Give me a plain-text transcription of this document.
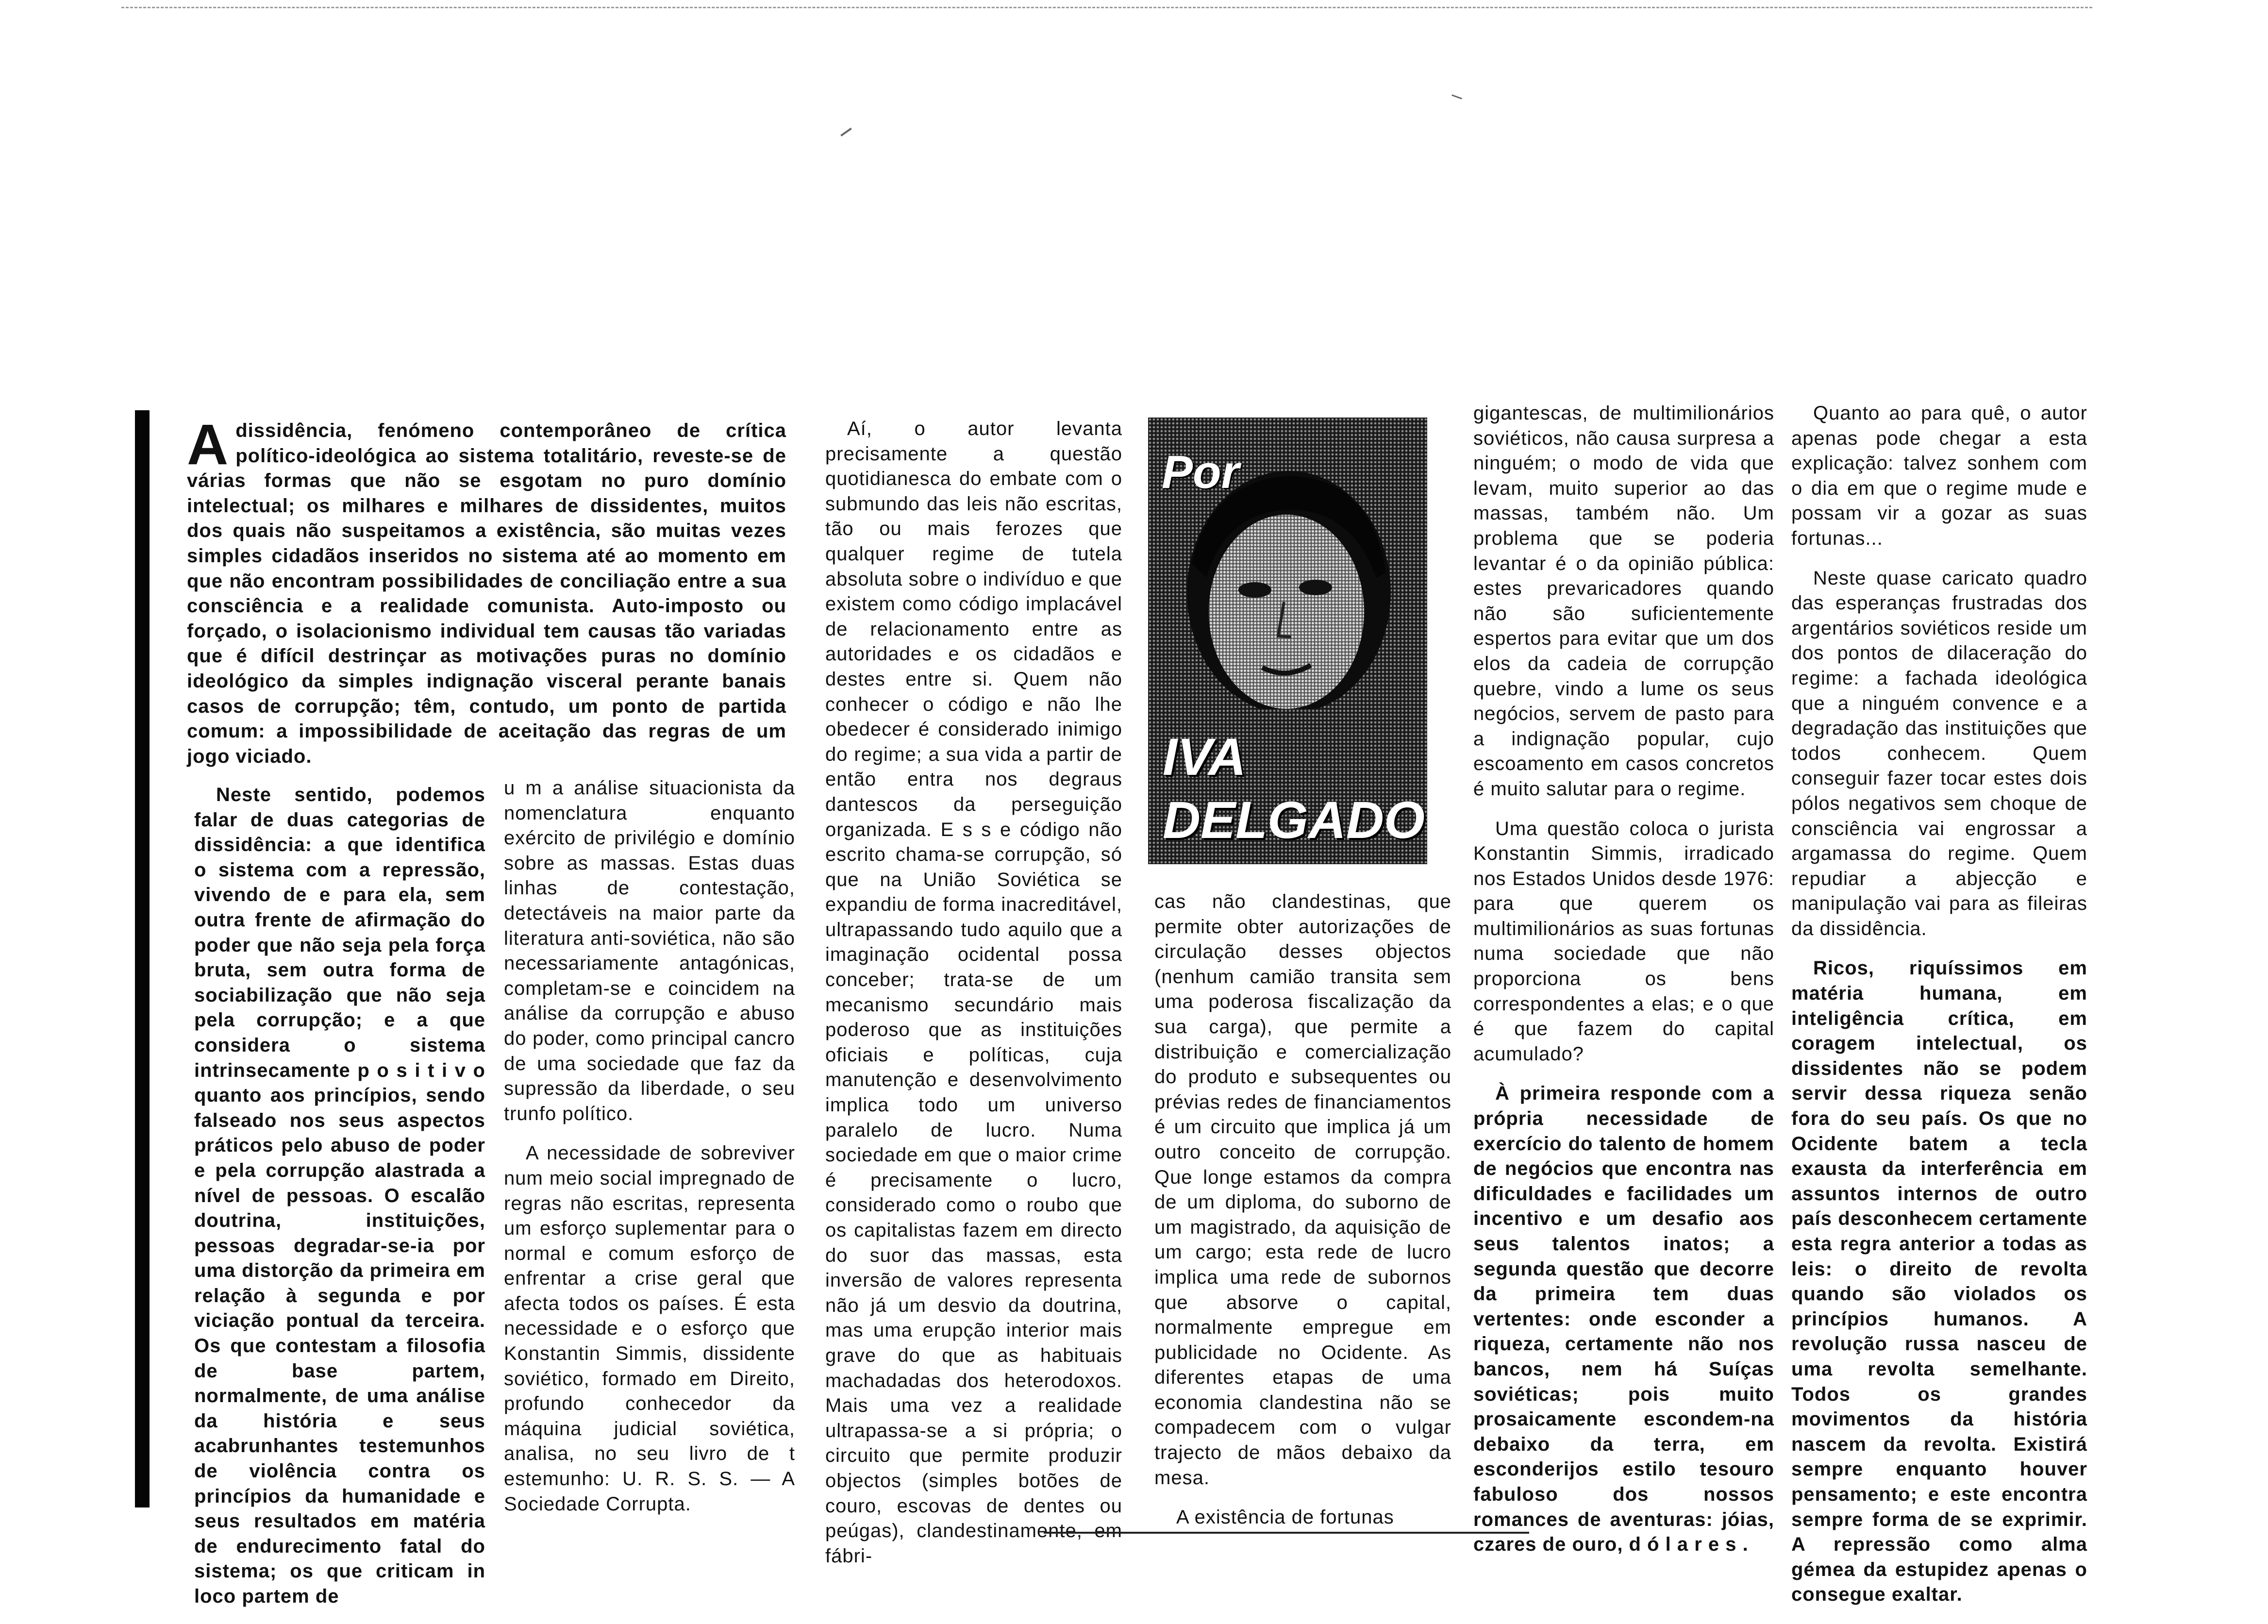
A dissidência, fenómeno contemporâneo de crítica político-ideológica ao sistema totalitário, reveste-se de várias formas que não se esgotam no puro domínio intelectual; os milhares e milhares de dissidentes, muitos dos quais não suspeitamos a existência, são muitas vezes simples cidadãos inseridos no sistema até ao momento em que não encontram possibilidades de conciliação entre a sua consciência e a realidade comunista. Auto-imposto ou forçado, o isolacionismo individual tem causas tão variadas que é difícil destrinçar as motivações puras no domínio ideológico da simples indignação visceral perante banais casos de corrupção; têm, contudo, um ponto de partida comum: a impossibilidade de aceitação das regras de um jogo viciado.

Neste sentido, podemos falar de duas categorias de dissidência: a que identifica o sistema com a repressão, vivendo de e para ela, sem outra frente de afirmação do poder que não seja pela força bruta, sem outra forma de sociabilização que não seja pela corrupção; e a que considera o sistema intrinsecamente p o s i t i v o quanto aos princípios, sendo falseado nos seus aspectos práticos pelo abuso de poder e pela corrupção alastrada a nível de pessoas. O escalão doutrina, instituições, pessoas degradar-se-ia por uma distorção da primeira em relação à segunda e por viciação pontual da terceira. Os que contestam a filosofia de base partem, normalmente, de uma análise da história e seus acabrunhantes testemunhos de violência contra os princípios da humanidade e seus resultados em matéria de endurecimento fatal do sistema; os que criticam in loco partem de

u m a análise situacionista da nomenclatura enquanto exército de privilégio e domínio sobre as massas. Estas duas linhas de contestação, detectáveis na maior parte da literatura anti-soviética, não são necessariamente antagónicas, completam-se e coincidem na análise da corrupção e abuso do poder, como principal cancro de uma sociedade que faz da supressão da liberdade, o seu trunfo político.

A necessidade de sobreviver num meio social impregnado de regras não escritas, representa um esforço suplementar para o normal e comum esforço de enfrentar a crise geral que afecta todos os países. É esta necessidade e o esforço que Konstantin Simmis, dissidente soviético, formado em Direito, profundo conhecedor da máquina judicial soviética, analisa, no seu livro de t estemunho: U. R. S. S. — A Sociedade Corrupta.

Aí, o autor levanta precisamente a questão quotidianesca do embate com o submundo das leis não escritas, tão ou mais ferozes que qualquer regime de tutela absoluta sobre o indivíduo e que existem como código implacável de relacionamento entre as autoridades e os cidadãos e destes entre si. Quem não conhecer o código e não lhe obedecer é considerado inimigo do regime; a sua vida a partir de então entra nos degraus dantescos da perseguição organizada. E s s e código não escrito chama-se corrupção, só que na União Soviética se expandiu de forma inacreditável, ultrapassando tudo aquilo que a imaginação ocidental possa conceber; trata-se de um mecanismo secundário mais poderoso que as instituições oficiais e políticas, cuja manutenção e desenvolvimento implica todo um universo paralelo de lucro. Numa sociedade em que o maior crime é precisamente o lucro, considerado como o roubo que os capitalistas fazem em directo do suor das massas, esta inversão de valores representa não já um desvio da doutrina, mas uma erupção interior mais grave do que as habituais machadadas dos heterodoxos. Mais uma vez a realidade ultrapassa-se a si própria; o circuito que permite produzir objectos (simples botões de couro, escovas de dentes ou peúgas), clandestinamente, em fábri-

Por
IVA
DELGADO

cas não clandestinas, que permite obter autorizações de circulação desses objectos (nenhum camião transita sem uma poderosa fiscalização da sua carga), que permite a distribuição e comercialização do produto e subsequentes ou prévias redes de financiamentos é um circuito que implica já um outro conceito de corrupção. Que longe estamos da compra de um diploma, do suborno de um magistrado, da aquisição de um cargo; esta rede de lucro implica uma rede de subornos que absorve o capital, normalmente empregue em publicidade no Ocidente. As diferentes etapas de uma economia clandestina não se compadecem com o vulgar trajecto de mãos debaixo da mesa.

A existência de fortunas

gigantescas, de multimilionários soviéticos, não causa surpresa a ninguém; o modo de vida que levam, muito superior ao das massas, também não. Um problema que se poderia levantar é o da opinião pública: estes prevaricadores quando não são suficientemente espertos para evitar que um dos elos da cadeia de corrupção quebre, vindo a lume os seus negócios, servem de pasto para a indignação popular, cujo escoamento em casos concretos é muito salutar para o regime.

Uma questão coloca o jurista Konstantin Simmis, irradicado nos Estados Unidos desde 1976: para que querem os multimilionários as suas fortunas numa sociedade que não proporciona os bens correspondentes a elas; e o que é que fazem do capital acumulado?

À primeira responde com a própria necessidade de exercício do talento de homem de negócios que encontra nas dificuldades e facilidades um incentivo e um desafio aos seus talentos inatos; a segunda questão que decorre da primeira tem duas vertentes: onde esconder a riqueza, certamente não nos bancos, nem há Suíças soviéticas; pois muito prosaicamente escondem-na debaixo da terra, em esconderijos estilo tesouro fabuloso dos nossos romances de aventuras: jóias, czares de ouro, d ó l a r e s .

Quanto ao para quê, o autor apenas pode chegar a esta explicação: talvez sonhem com o dia em que o regime mude e possam vir a gozar as suas fortunas...

Neste quase caricato quadro das esperanças frustradas dos argentários soviéticos reside um dos pontos de dilaceração do regime: a fachada ideológica que a ninguém convence e a degradação das instituições que todos conhecem. Quem conseguir fazer tocar estes dois pólos negativos sem choque de consciência vai engrossar a argamassa do regime. Quem repudiar a abjecção e manipulação vai para as fileiras da dissidência.

Ricos, riquíssimos em matéria humana, em inteligência crítica, em coragem intelectual, os dissidentes não se podem servir dessa riqueza senão fora do seu país. Os que no Ocidente batem a tecla exausta da interferência em assuntos internos de outro país desconhecem certamente esta regra anterior a todas as leis: o direito de revolta quando são violados os princípios humanos. A revolução russa nasceu de uma revolta semelhante. Todos os grandes movimentos da história nascem da revolta. Existirá sempre enquanto houver pensamento; e este encontra sempre forma de se exprimir. A repressão como alma gémea da estupidez apenas o consegue exaltar.
